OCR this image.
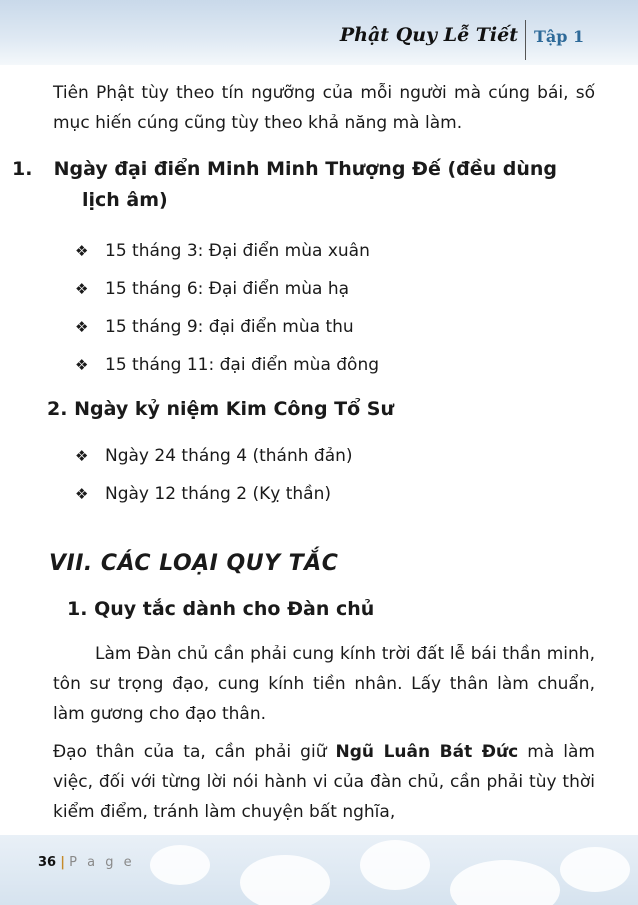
Phật Quy Lễ Tiết Tập 1

Tiên Phật tùy theo tín ngưỡng của mỗi người mà cúng bái, số mục hiến cúng cũng tùy theo khả năng mà làm.

1. Ngày đại điển Minh Minh Thượng Đế (đều dùng lịch âm)
❖ 15 tháng 3: Đại điển mùa xuân
❖ 15 tháng 6: Đại điển mùa hạ
❖ 15 tháng 9: đại điển mùa thu
❖ 15 tháng 11: đại điển mùa đông
2. Ngày kỷ niệm Kim Công Tổ Sư
❖ Ngày 24 tháng 4 (thánh đản)
❖ Ngày 12 tháng 2 (Kỵ thần)
VII. CÁC LOẠI QUY TẮC
1. Quy tắc dành cho Đàn chủ

Làm Đàn chủ cần phải cung kính trời đất lễ bái thần minh, tôn sư trọng đạo, cung kính tiền nhân. Lấy thân làm chuẩn, làm gương cho đạo thân.

Đạo thân của ta, cần phải giữ Ngũ Luân Bát Đức mà làm việc, đối với từng lời nói hành vi của đàn chủ, cần phải tùy thời kiểm điểm, tránh làm chuyện bất nghĩa,

36 | P a g e
